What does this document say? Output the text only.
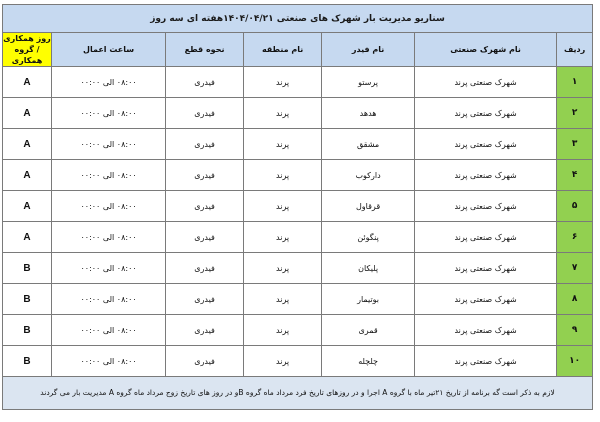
سناریو مدیریت بار شهرک های صنعتی ۱۴۰۴/۰۴/۲۱هفته ای سه روز						
ردیف	نام شهرک صنعتی	نام فیدر	نام منطقه	نحوه قطع	ساعت اعمال	روز همکاری / گروه همکاری
۱	شهرک صنعتی پرند	پرستو	پرند	فیدری	۰۸:۰۰ الی ۰۰:۰۰	A
۲	شهرک صنعتی پرند	هدهد	پرند	فیدری	۰۸:۰۰ الی ۰۰:۰۰	A
۳	شهرک صنعتی پرند	مشقق	پرند	فیدری	۰۸:۰۰ الی ۰۰:۰۰	A
۴	شهرک صنعتی پرند	دارکوب	پرند	فیدری	۰۸:۰۰ الی ۰۰:۰۰	A
۵	شهرک صنعتی پرند	قرقاول	پرند	فیدری	۰۸:۰۰ الی ۰۰:۰۰	A
۶	شهرک صنعتی پرند	پنگوئن	پرند	فیدری	۰۸:۰۰ الی ۰۰:۰۰	A
۷	شهرک صنعتی پرند	پلیکان	پرند	فیدری	۰۸:۰۰ الی ۰۰:۰۰	B
۸	شهرک صنعتی پرند	بوتیمار	پرند	فیدری	۰۸:۰۰ الی ۰۰:۰۰	B
۹	شهرک صنعتی پرند	قمری	پرند	فیدری	۰۸:۰۰ الی ۰۰:۰۰	B
۱۰	شهرک صنعتی پرند	چلچله	پرند	فیدری	۰۸:۰۰ الی ۰۰:۰۰	B
لازم به ذکر است گه برنامه از تاریخ ۲۱تیر ماه با گروه A اجرا و در روزهای تاریخ فرد مرداد ماه گروه Bو در روز های تاریخ زوج مرداد ماه گروه A مدیریت بار می گردند						
